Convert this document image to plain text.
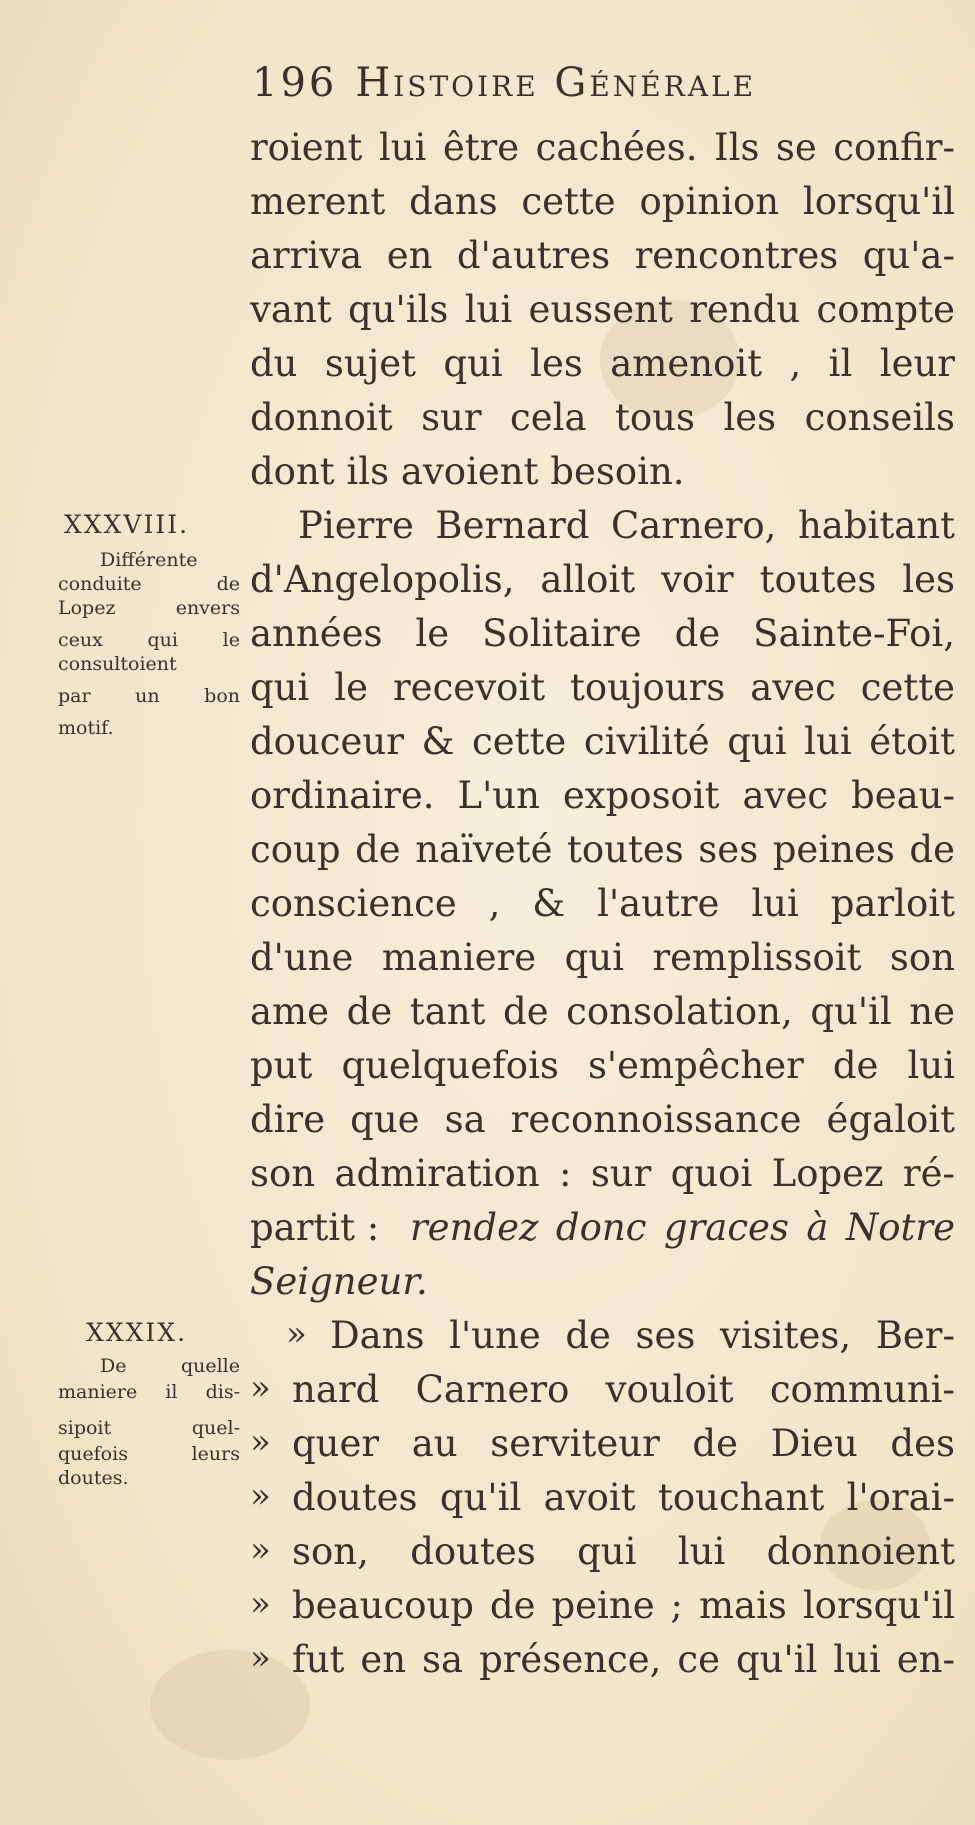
196 Histoire Générale
roient lui être cachées. Ils se confir-
merent dans cette opinion lorsqu'il
arriva en d'autres rencontres qu'a-
vant qu'ils lui eussent rendu compte
du sujet qui les amenoit , il leur
donnoit sur cela tous les conseils
dont ils avoient besoin.
Pierre Bernard Carnero, habitant
d'Angelopolis, alloit voir toutes les
années le Solitaire de Sainte-Foi,
qui le recevoit toujours avec cette
douceur & cette civilité qui lui étoit
ordinaire. L'un exposoit avec beau-
coup de naïveté toutes ses peines de
conscience , & l'autre lui parloit
d'une maniere qui remplissoit son
ame de tant de consolation, qu'il ne
put quelquefois s'empêcher de lui
dire que sa reconnoissance égaloit
son admiration : sur quoi Lopez ré-
partit : rendez donc graces à Notre
Seigneur.
» Dans l'une de ses visites, Ber-
» nard Carnero vouloit communi-
» quer au serviteur de Dieu des
» doutes qu'il avoit touchant l'orai-
» son, doutes qui lui donnoient
» beaucoup de peine ; mais lorsqu'il
» fut en sa présence, ce qu'il lui en-
XXXVIII.
Différente
conduite de
Lopez envers
ceux qui le
consultoient
par un bon
motif.
XXXIX.
De quelle
maniere il dis-
sipoit quel-
quefois leurs
doutes.
